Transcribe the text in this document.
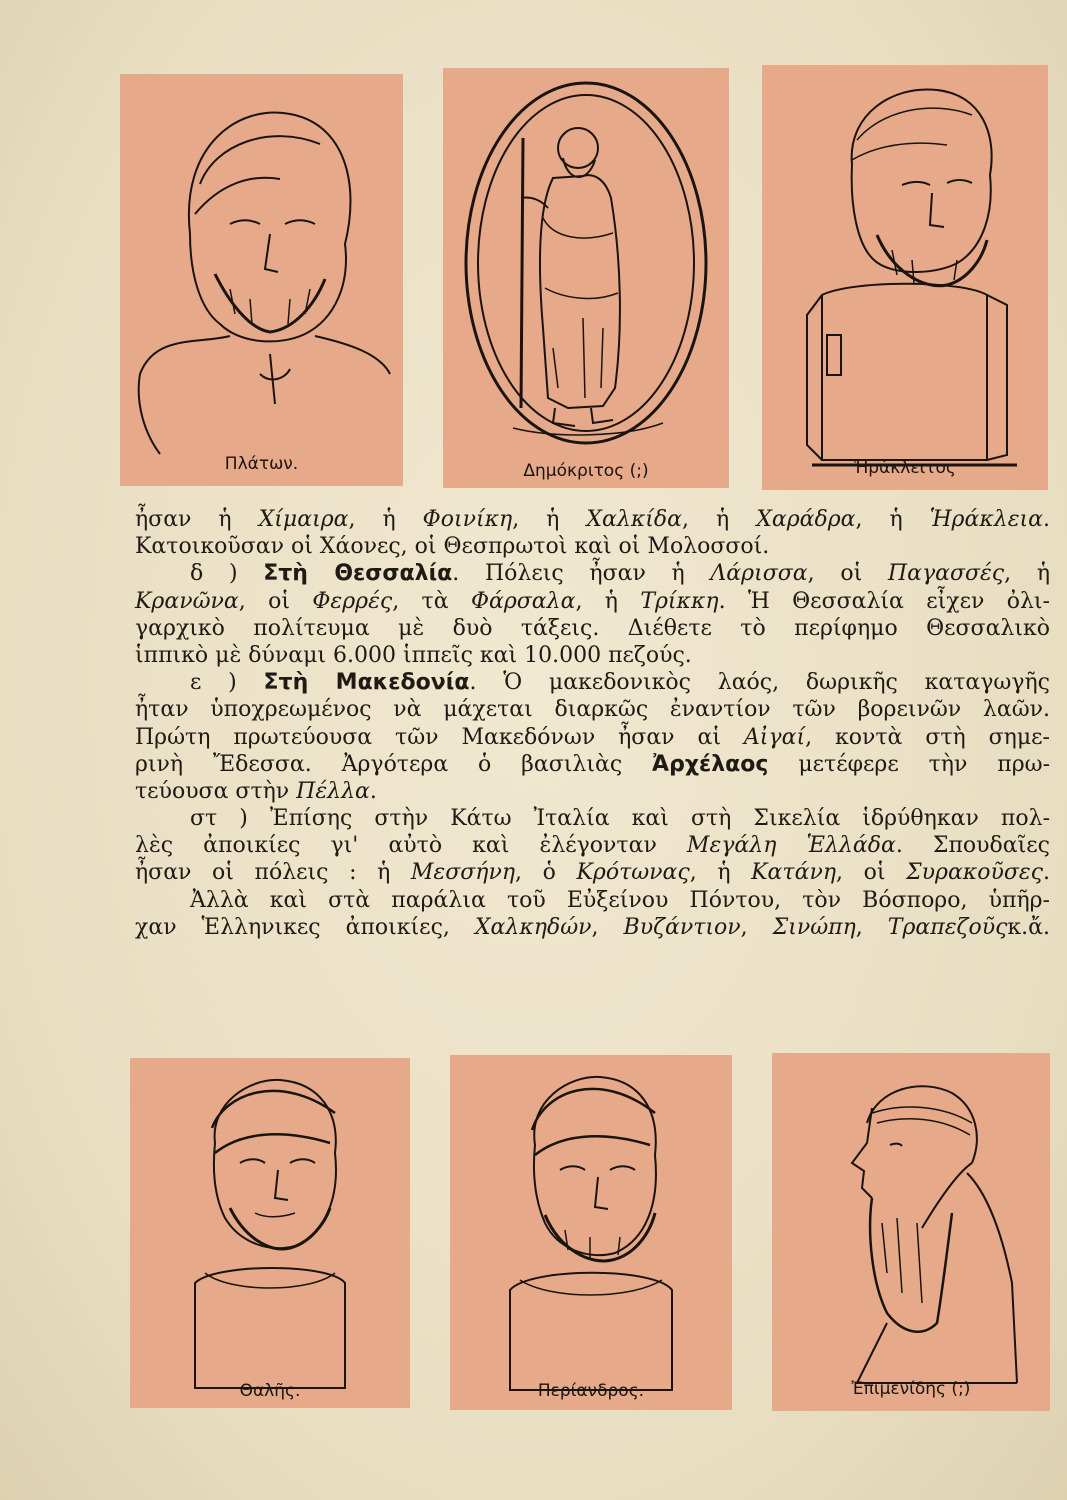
Πλάτων.	Δημόκριτος (;)	Ἡράκλειτος
ἦσαν ἡ Χίμαιρα, ἡ Φοινίκη, ἡ Χαλκίδα, ἡ Χαράδρα, ἡ Ἡράκλεια.
Κατοικοῦσαν οἱ Χάονες, οἱ Θεσπρωτοὶ καὶ οἱ Μολοσσοί.
δ ) Στὴ Θεσσαλία. Πόλεις ἦσαν ἡ Λάρισσα, οἱ Παγασσές, ἡ
Κρανῶνα, οἱ Φερρές, τὰ Φάρσαλα, ἡ Τρίκκη. Ἡ Θεσσαλία εἶχεν ὀλι-
γαρχικὸ πολίτευμα μὲ δυὸ τάξεις. Διέθετε τὸ περίφημο Θεσσαλικὸ
ἱππικὸ μὲ δύναμι 6.000 ἱππεῖς καὶ 10.000 πεζούς.
ε ) Στὴ Μακεδονία. Ὁ μακεδονικὸς λαός, δωρικῆς καταγωγῆς
ἦταν ὑποχρεωμένος νὰ μάχεται διαρκῶς ἐναντίον τῶν βορεινῶν λαῶν.
Πρώτη πρωτεύουσα τῶν Μακεδόνων ἦσαν αἱ Αἰγαί, κοντὰ στὴ σημε-
ρινὴ Ἔδεσσα. Ἀργότερα ὁ βασιλιὰς Ἀρχέλαος μετέφερε τὴν πρω-
τεύουσα στὴν Πέλλα.
στ ) Ἐπίσης στὴν Κάτω Ἰταλία καὶ στὴ Σικελία ἱδρύθηκαν πολ-
λὲς ἀποικίες γι' αὐτὸ καὶ ἐλέγονταν Μεγάλη Ἑλλάδα. Σπουδαῖες
ἦσαν οἱ πόλεις : ἡ Μεσσήνη, ὁ Κρότωνας, ἡ Κατάνη, οἱ Συρακοῦσες.
Ἀλλὰ καὶ στὰ παράλια τοῦ Εὐξείνου Πόντου, τὸν Βόσπορο, ὑπῆρ-
χαν Ἑλληνικες ἀποικίες, Χαλκηδών, Βυζάντιον, Σινώπη, Τραπεζοῦςκ.ἄ.
Θαλῆς.	Περίανδρος.	Ἐπιμενίδης (;)
